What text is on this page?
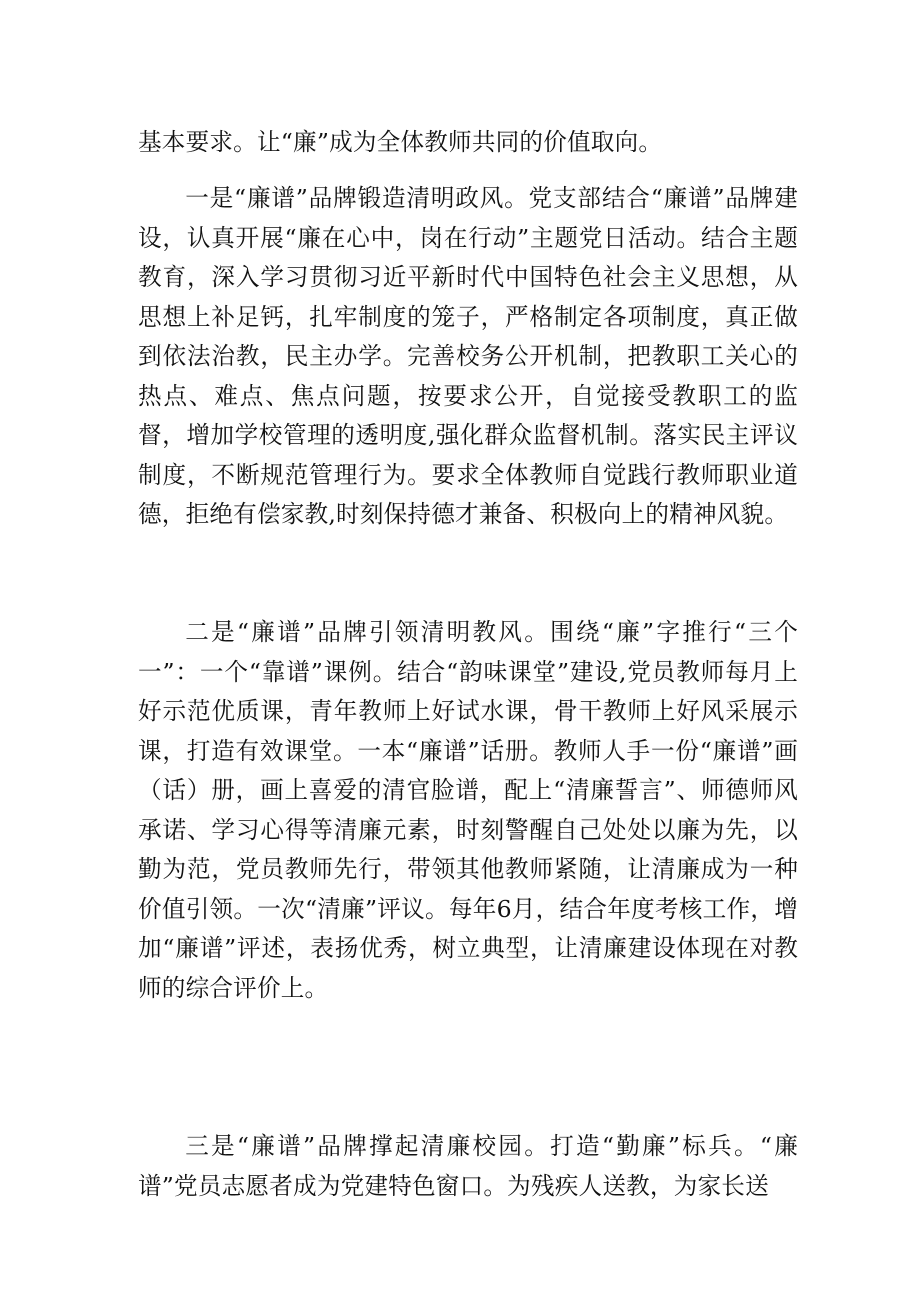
基本要求。让“廉”成为全体教师共同的价值取向。

一是“廉谱”品牌锻造清明政风。党支部结合“廉谱”品牌建设，认真开展“廉在心中，岗在行动”主题党日活动。结合主题教育，深入学习贯彻习近平新时代中国特色社会主义思想，从思想上补足钙，扎牢制度的笼子，严格制定各项制度，真正做到依法治教，民主办学。完善校务公开机制，把教职工关心的热点、难点、焦点问题，按要求公开，自觉接受教职工的监督，增加学校管理的透明度,强化群众监督机制。落实民主评议制度，不断规范管理行为。要求全体教师自觉践行教师职业道德，拒绝有偿家教,时刻保持德才兼备、积极向上的精神风貌。

二是“廉谱”品牌引领清明教风。围绕“廉”字推行“三个一”：一个“靠谱”课例。结合“韵味课堂”建设,党员教师每月上好示范优质课，青年教师上好试水课，骨干教师上好风采展示课，打造有效课堂。一本“廉谱”话册。教师人手一份“廉谱”画（话）册，画上喜爱的清官脸谱，配上“清廉誓言”、师德师风承诺、学习心得等清廉元素，时刻警醒自己处处以廉为先，以勤为范，党员教师先行，带领其他教师紧随，让清廉成为一种价值引领。一次“清廉”评议。每年6月，结合年度考核工作，增加“廉谱”评述，表扬优秀，树立典型，让清廉建设体现在对教师的综合评价上。

三是“廉谱”品牌撑起清廉校园。打造“勤廉”标兵。“廉谱”党员志愿者成为党建特色窗口。为残疾人送教，为家长送
